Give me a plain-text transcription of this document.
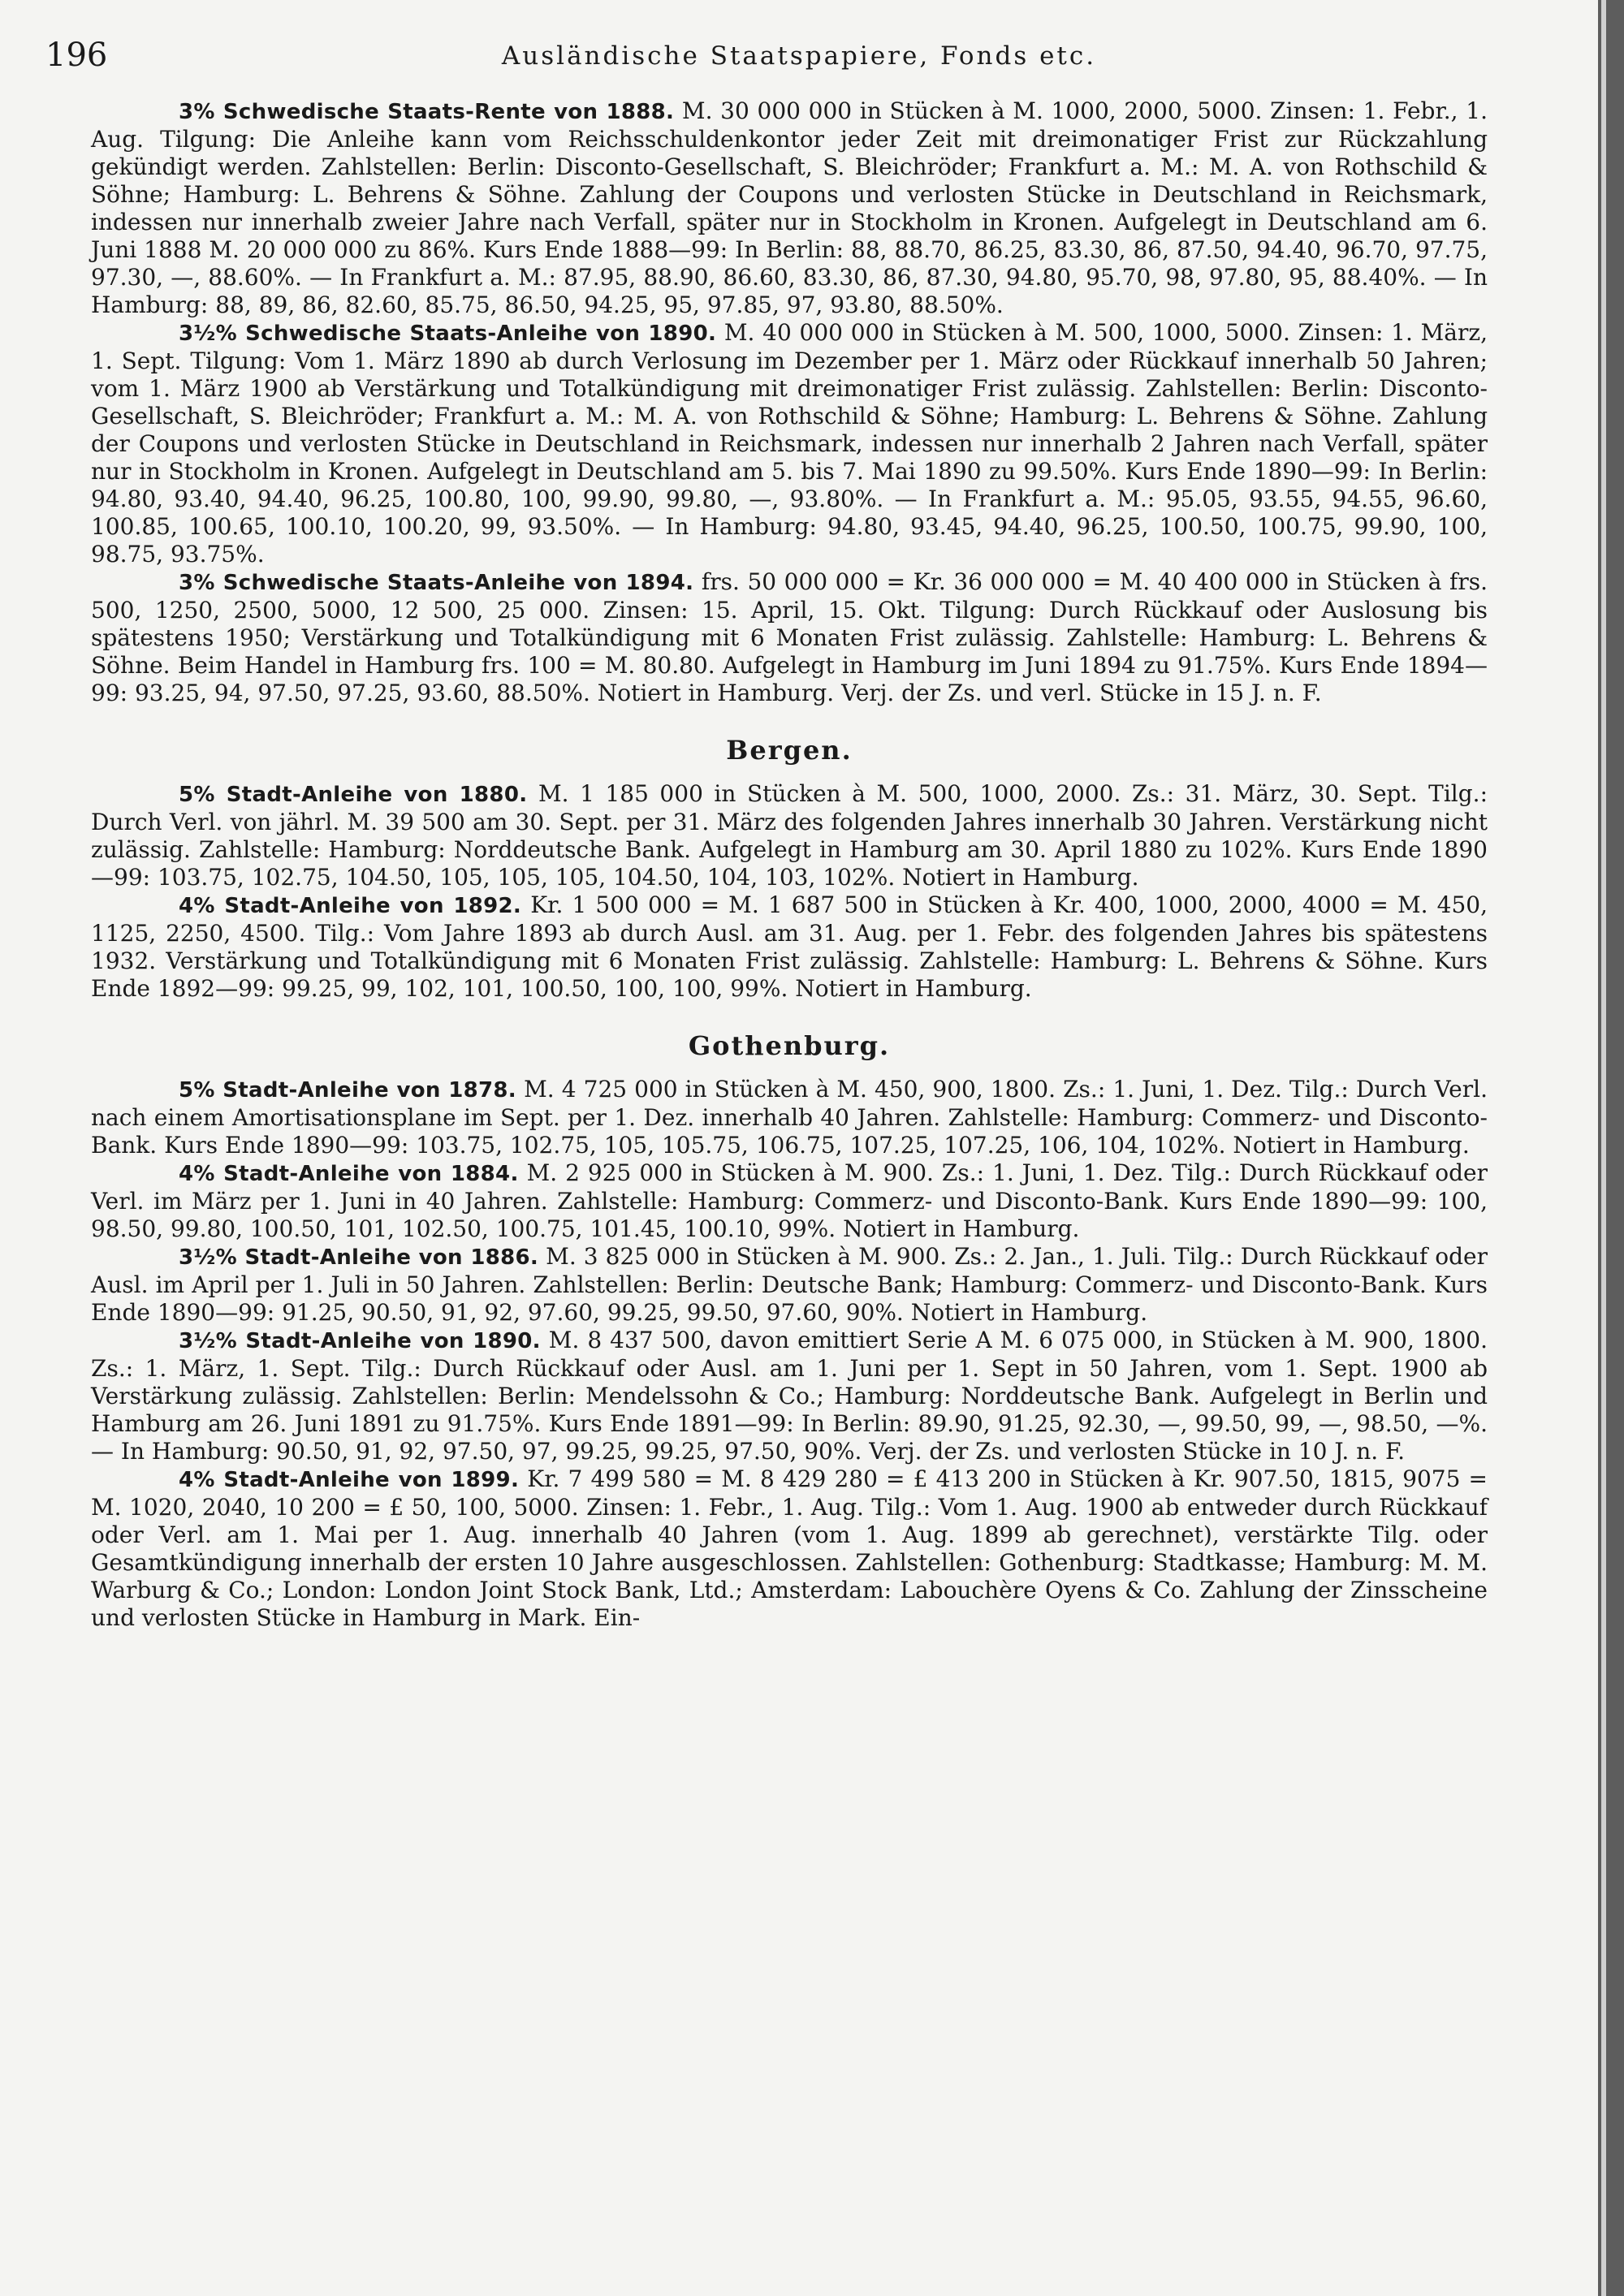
196	Ausländische Staatspapiere, Fonds etc.

3% Schwedische Staats-Rente von 1888. M. 30 000 000 in Stücken à M. 1000, 2000, 5000. Zinsen: 1. Febr., 1. Aug. Tilgung: Die Anleihe kann vom Reichsschuldenkontor jeder Zeit mit dreimonatiger Frist zur Rückzahlung gekündigt werden. Zahlstellen: Berlin: Disconto-Gesellschaft, S. Bleichröder; Frankfurt a. M.: M. A. von Rothschild & Söhne; Hamburg: L. Behrens & Söhne. Zahlung der Coupons und verlosten Stücke in Deutschland in Reichsmark, indessen nur innerhalb zweier Jahre nach Verfall, später nur in Stockholm in Kronen. Aufgelegt in Deutschland am 6. Juni 1888 M. 20 000 000 zu 86%. Kurs Ende 1888—99: In Berlin: 88, 88.70, 86.25, 83.30, 86, 87.50, 94.40, 96.70, 97.75, 97.30, —, 88.60%. — In Frankfurt a. M.: 87.95, 88.90, 86.60, 83.30, 86, 87.30, 94.80, 95.70, 98, 97.80, 95, 88.40%. — In Hamburg: 88, 89, 86, 82.60, 85.75, 86.50, 94.25, 95, 97.85, 97, 93.80, 88.50%.

3½% Schwedische Staats-Anleihe von 1890. M. 40 000 000 in Stücken à M. 500, 1000, 5000. Zinsen: 1. März, 1. Sept. Tilgung: Vom 1. März 1890 ab durch Verlosung im Dezember per 1. März oder Rückkauf innerhalb 50 Jahren; vom 1. März 1900 ab Verstärkung und Totalkündigung mit dreimonatiger Frist zulässig. Zahlstellen: Berlin: Disconto-Gesellschaft, S. Bleichröder; Frankfurt a. M.: M. A. von Rothschild & Söhne; Hamburg: L. Behrens & Söhne. Zahlung der Coupons und verlosten Stücke in Deutschland in Reichsmark, indessen nur innerhalb 2 Jahren nach Verfall, später nur in Stockholm in Kronen. Aufgelegt in Deutschland am 5. bis 7. Mai 1890 zu 99.50%. Kurs Ende 1890—99: In Berlin: 94.80, 93.40, 94.40, 96.25, 100.80, 100, 99.90, 99.80, —, 93.80%. — In Frankfurt a. M.: 95.05, 93.55, 94.55, 96.60, 100.85, 100.65, 100.10, 100.20, 99, 93.50%. — In Hamburg: 94.80, 93.45, 94.40, 96.25, 100.50, 100.75, 99.90, 100, 98.75, 93.75%.

3% Schwedische Staats-Anleihe von 1894. frs. 50 000 000 = Kr. 36 000 000 = M. 40 400 000 in Stücken à frs. 500, 1250, 2500, 5000, 12 500, 25 000. Zinsen: 15. April, 15. Okt. Tilgung: Durch Rückkauf oder Auslosung bis spätestens 1950; Verstärkung und Totalkündigung mit 6 Monaten Frist zulässig. Zahlstelle: Hamburg: L. Behrens & Söhne. Beim Handel in Hamburg frs. 100 = M. 80.80. Aufgelegt in Hamburg im Juni 1894 zu 91.75%. Kurs Ende 1894—99: 93.25, 94, 97.50, 97.25, 93.60, 88.50%. Notiert in Hamburg. Verj. der Zs. und verl. Stücke in 15 J. n. F.

Bergen.

5% Stadt-Anleihe von 1880. M. 1 185 000 in Stücken à M. 500, 1000, 2000. Zs.: 31. März, 30. Sept. Tilg.: Durch Verl. von jährl. M. 39 500 am 30. Sept. per 31. März des folgenden Jahres innerhalb 30 Jahren. Verstärkung nicht zulässig. Zahlstelle: Hamburg: Norddeutsche Bank. Aufgelegt in Hamburg am 30. April 1880 zu 102%. Kurs Ende 1890—99: 103.75, 102.75, 104.50, 105, 105, 105, 104.50, 104, 103, 102%. Notiert in Hamburg.

4% Stadt-Anleihe von 1892. Kr. 1 500 000 = M. 1 687 500 in Stücken à Kr. 400, 1000, 2000, 4000 = M. 450, 1125, 2250, 4500. Tilg.: Vom Jahre 1893 ab durch Ausl. am 31. Aug. per 1. Febr. des folgenden Jahres bis spätestens 1932. Verstärkung und Totalkündigung mit 6 Monaten Frist zulässig. Zahlstelle: Hamburg: L. Behrens & Söhne. Kurs Ende 1892—99: 99.25, 99, 102, 101, 100.50, 100, 100, 99%. Notiert in Hamburg.

Gothenburg.

5% Stadt-Anleihe von 1878. M. 4 725 000 in Stücken à M. 450, 900, 1800. Zs.: 1. Juni, 1. Dez. Tilg.: Durch Verl. nach einem Amortisationsplane im Sept. per 1. Dez. innerhalb 40 Jahren. Zahlstelle: Hamburg: Commerz- und Disconto-Bank. Kurs Ende 1890—99: 103.75, 102.75, 105, 105.75, 106.75, 107.25, 107.25, 106, 104, 102%. Notiert in Hamburg.

4% Stadt-Anleihe von 1884. M. 2 925 000 in Stücken à M. 900. Zs.: 1. Juni, 1. Dez. Tilg.: Durch Rückkauf oder Verl. im März per 1. Juni in 40 Jahren. Zahlstelle: Hamburg: Commerz- und Disconto-Bank. Kurs Ende 1890—99: 100, 98.50, 99.80, 100.50, 101, 102.50, 100.75, 101.45, 100.10, 99%. Notiert in Hamburg.

3½% Stadt-Anleihe von 1886. M. 3 825 000 in Stücken à M. 900. Zs.: 2. Jan., 1. Juli. Tilg.: Durch Rückkauf oder Ausl. im April per 1. Juli in 50 Jahren. Zahlstellen: Berlin: Deutsche Bank; Hamburg: Commerz- und Disconto-Bank. Kurs Ende 1890—99: 91.25, 90.50, 91, 92, 97.60, 99.25, 99.50, 97.60, 90%. Notiert in Hamburg.

3½% Stadt-Anleihe von 1890. M. 8 437 500, davon emittiert Serie A M. 6 075 000, in Stücken à M. 900, 1800. Zs.: 1. März, 1. Sept. Tilg.: Durch Rückkauf oder Ausl. am 1. Juni per 1. Sept in 50 Jahren, vom 1. Sept. 1900 ab Verstärkung zulässig. Zahlstellen: Berlin: Mendelssohn & Co.; Hamburg: Norddeutsche Bank. Aufgelegt in Berlin und Hamburg am 26. Juni 1891 zu 91.75%. Kurs Ende 1891—99: In Berlin: 89.90, 91.25, 92.30, —, 99.50, 99, —, 98.50, —%. — In Hamburg: 90.50, 91, 92, 97.50, 97, 99.25, 99.25, 97.50, 90%. Verj. der Zs. und verlosten Stücke in 10 J. n. F.

4% Stadt-Anleihe von 1899. Kr. 7 499 580 = M. 8 429 280 = £ 413 200 in Stücken à Kr. 907.50, 1815, 9075 = M. 1020, 2040, 10 200 = £ 50, 100, 5000. Zinsen: 1. Febr., 1. Aug. Tilg.: Vom 1. Aug. 1900 ab entweder durch Rückkauf oder Verl. am 1. Mai per 1. Aug. innerhalb 40 Jahren (vom 1. Aug. 1899 ab gerechnet), verstärkte Tilg. oder Gesamtkündigung innerhalb der ersten 10 Jahre ausgeschlossen. Zahlstellen: Gothenburg: Stadtkasse; Hamburg: M. M. Warburg & Co.; London: London Joint Stock Bank, Ltd.; Amsterdam: Labouchère Oyens & Co. Zahlung der Zinsscheine und verlosten Stücke in Hamburg in Mark. Ein-
